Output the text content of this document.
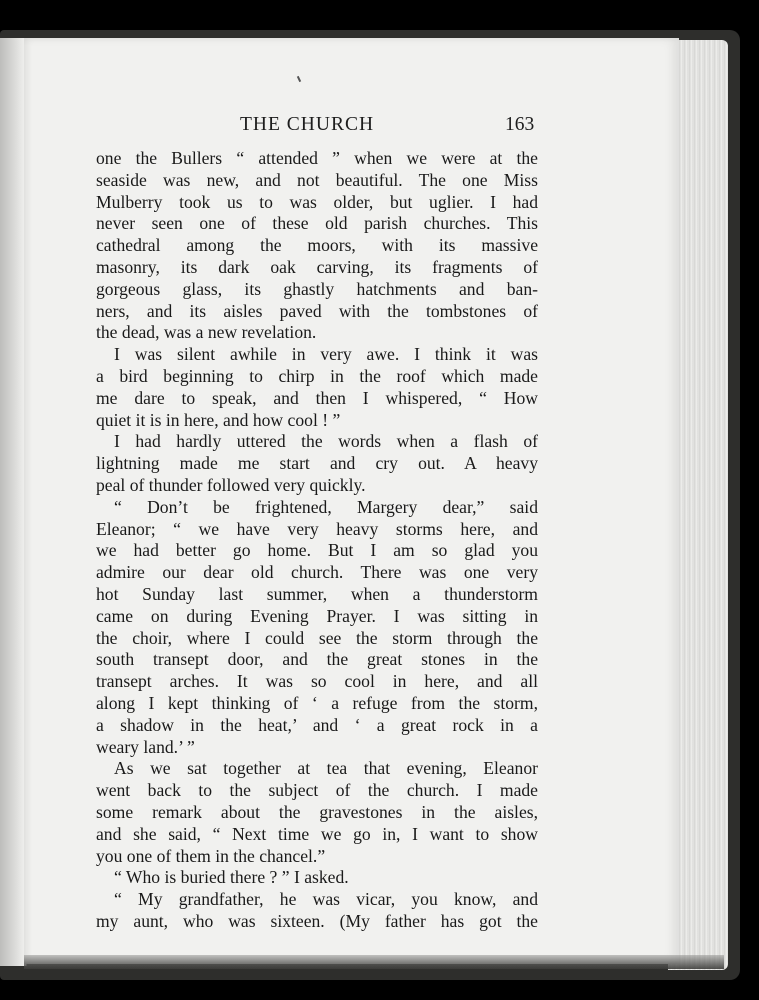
THE CHURCH	163
one the Bullers “ attended ” when we were at the
seaside was new, and not beautiful. The one Miss
Mulberry took us to was older, but uglier. I had
never seen one of these old parish churches. This
cathedral among the moors, with its massive
masonry, its dark oak carving, its fragments of
gorgeous glass, its ghastly hatchments and ban-
ners, and its aisles paved with the tombstones of
the dead, was a new revelation.
I was silent awhile in very awe. I think it was
a bird beginning to chirp in the roof which made
me dare to speak, and then I whispered, “ How
quiet it is in here, and how cool ! ”
I had hardly uttered the words when a flash of
lightning made me start and cry out. A heavy
peal of thunder followed very quickly.
“ Don’t be frightened, Margery dear,” said
Eleanor; “ we have very heavy storms here, and
we had better go home. But I am so glad you
admire our dear old church. There was one very
hot Sunday last summer, when a thunderstorm
came on during Evening Prayer. I was sitting in
the choir, where I could see the storm through the
south transept door, and the great stones in the
transept arches. It was so cool in here, and all
along I kept thinking of ‘ a refuge from the storm,
a shadow in the heat,’ and ‘ a great rock in a
weary land.’ ”
As we sat together at tea that evening, Eleanor
went back to the subject of the church. I made
some remark about the gravestones in the aisles,
and she said, “ Next time we go in, I want to show
you one of them in the chancel.”
“ Who is buried there ? ” I asked.
“ My grandfather, he was vicar, you know, and
my aunt, who was sixteen. (My father has got the
